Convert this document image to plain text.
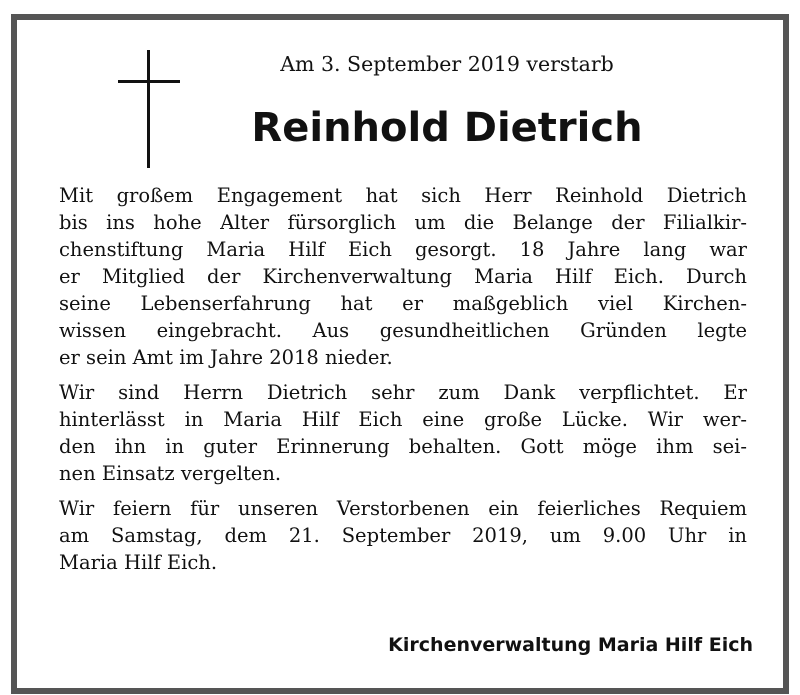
Am 3. September 2019 verstarb
Reinhold Dietrich
Mit großem Engagement hat sich Herr Reinhold Dietrich
bis ins hohe Alter fürsorglich um die Belange der Filialkir-
chenstiftung Maria Hilf Eich gesorgt. 18 Jahre lang war
er Mitglied der Kirchenverwaltung Maria Hilf Eich. Durch
seine Lebenserfahrung hat er maßgeblich viel Kirchen-
wissen eingebracht. Aus gesundheitlichen Gründen legte
er sein Amt im Jahre 2018 nieder.
Wir sind Herrn Dietrich sehr zum Dank verpflichtet. Er
hinterlässt in Maria Hilf Eich eine große Lücke. Wir wer-
den ihn in guter Erinnerung behalten. Gott möge ihm sei-
nen Einsatz vergelten.
Wir feiern für unseren Verstorbenen ein feierliches Requiem
am Samstag, dem 21. September 2019, um 9.00 Uhr in
Maria Hilf Eich.
Kirchenverwaltung Maria Hilf Eich
